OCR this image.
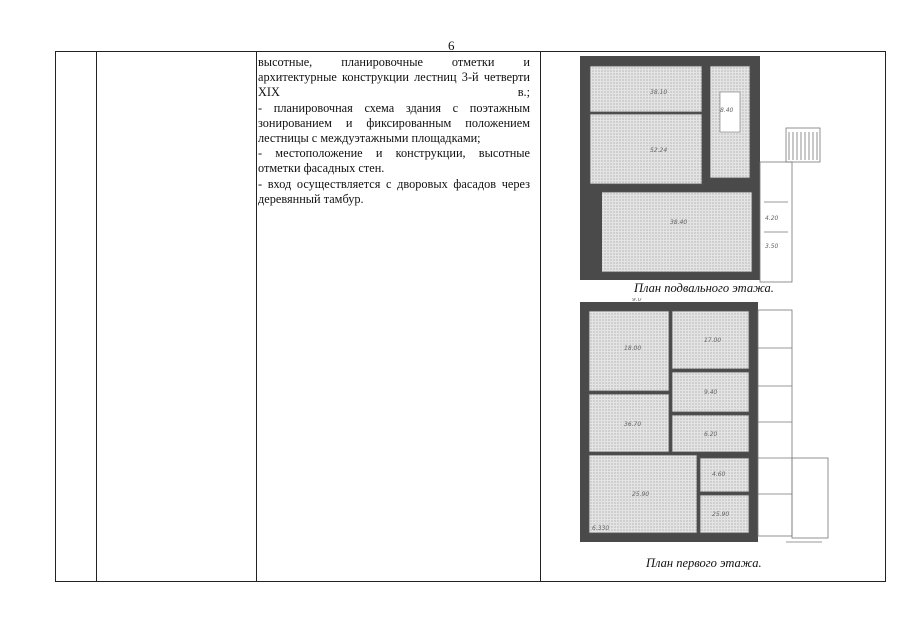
6

высотные, планировочные отметки и архитектурные конструкции лестниц 3-й четверти XIX в.;

- планировочная схема здания с поэтажным зонированием и фиксированным положением лестницы с междуэтажными площадками;

- местоположение и конструкции, высотные отметки фасадных стен.

- вход осуществляется с дворовых фасадов через деревянный тамбур.

38.10
52.24
8.40
38.40
4.20
3.50
План подвального этажа.
18.00
36.70
25.90
17.00
9.40
6.20
4.60
25.90
6.330
9.0
План первого этажа.
